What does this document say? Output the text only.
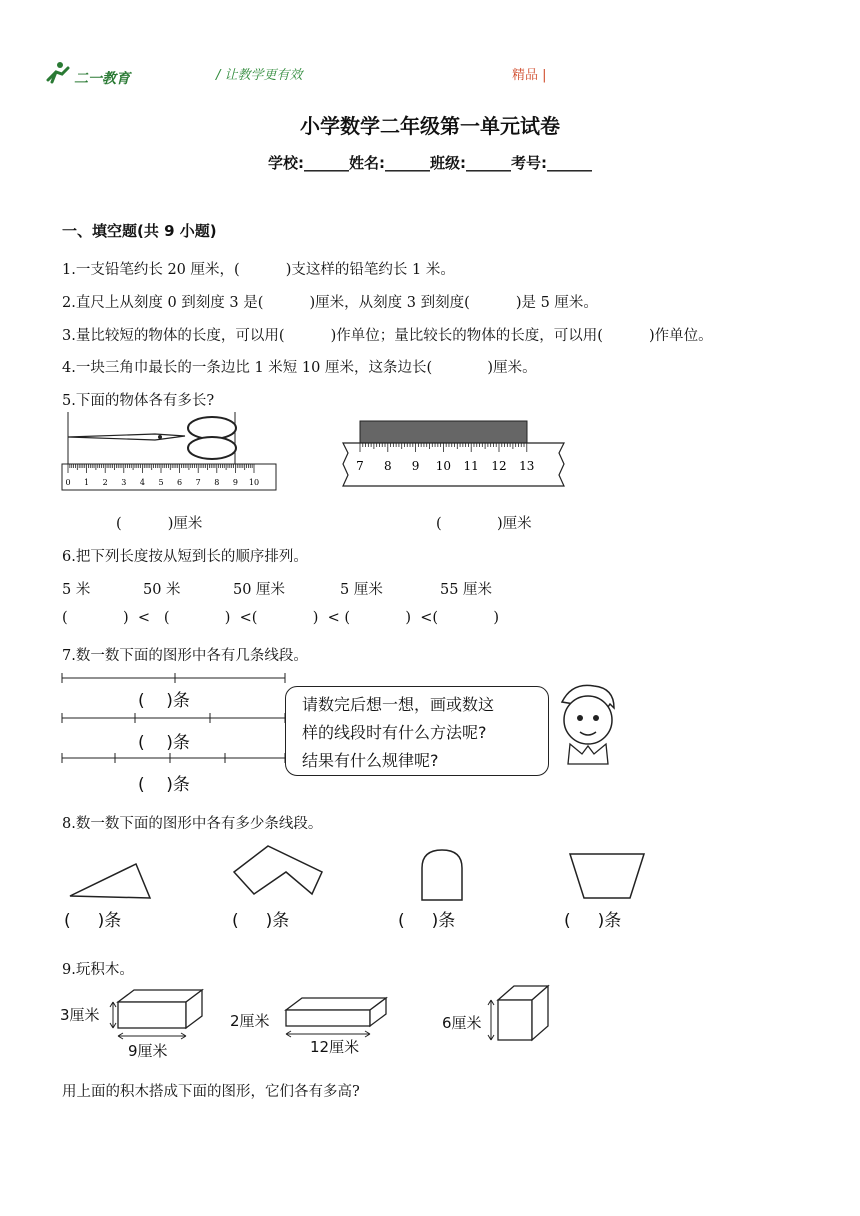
二一教育	/ 让教学更有效	精品 |
小学数学二年级第一单元试卷
学校:______姓名:______班级:______考号:______
一、填空题(共 9 小题)
1.一支铅笔约长 20 厘米，(          )支这样的铅笔约长 1 米。
2.直尺上从刻度 0 到刻度 3 是(          )厘米，从刻度 3 到刻度(          )是 5 厘米。
3.量比较短的物体的长度，可以用(          )作单位；量比较长的物体的长度，可以用(          )作单位。
4.一块三角巾最长的一条边比 1 米短 10 厘米，这条边长(            )厘米。
5.下面的物体各有多长?
0 1 2 3 4 5 6 7 8 9 10
7 8 9 10 11 12 13
(          )厘米	(            )厘米
6.把下列长度按从短到长的顺序排列。
5 米	50 米	50 厘米	5 厘米	55 厘米
(            )  <   (            )  <(            )  < (            )  <(            )
7.数一数下面的图形中各有几条线段。
(    )条
(    )条
(    )条
请数完后想一想，画或数这
样的线段时有什么方法呢?
结果有什么规律呢?
8.数一数下面的图形中各有多少条线段。
(     )条	(     )条	(     )条	(     )条
9.玩积木。
3厘米
9厘米
2厘米
12厘米
6厘米
用上面的积木搭成下面的图形，它们各有多高?
